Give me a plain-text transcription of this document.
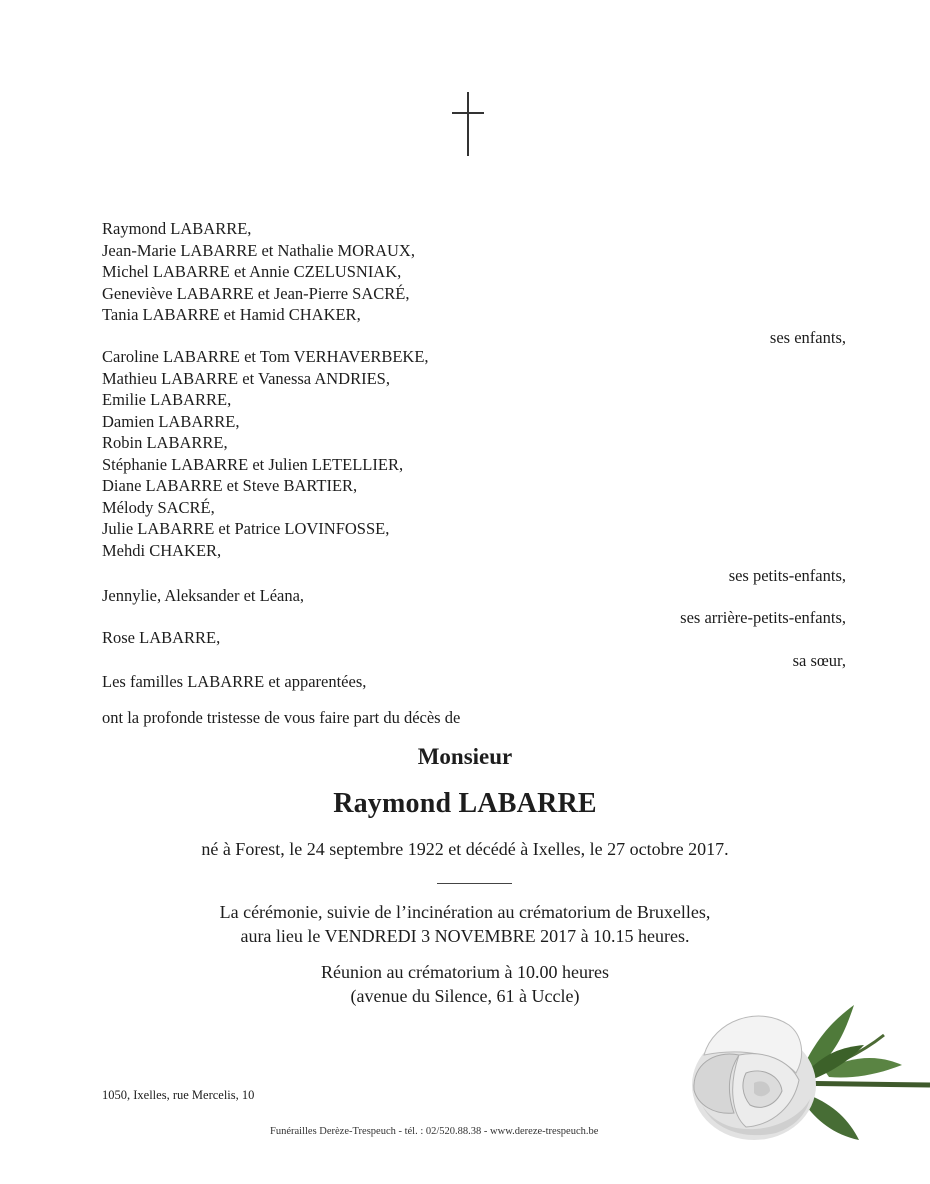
Raymond LABARRE,
Jean-Marie LABARRE et Nathalie MORAUX,
Michel LABARRE et Annie CZELUSNIAK,
Geneviève LABARRE et Jean-Pierre SACRÉ,
Tania LABARRE et Hamid CHAKER,
ses enfants,
Caroline LABARRE et Tom VERHAVERBEKE,
Mathieu LABARRE et Vanessa ANDRIES,
Emilie LABARRE,
Damien LABARRE,
Robin LABARRE,
Stéphanie LABARRE et Julien LETELLIER,
Diane LABARRE et Steve BARTIER,
Mélody SACRÉ,
Julie LABARRE et Patrice LOVINFOSSE,
Mehdi CHAKER,
ses petits-enfants,
Jennylie, Aleksander et Léana,
ses arrière-petits-enfants,
Rose LABARRE,
sa sœur,
Les familles LABARRE et apparentées,
ont la profonde tristesse de vous faire part du décès de
Monsieur
Raymond LABARRE
né à Forest, le 24 septembre 1922 et décédé à Ixelles, le 27 octobre 2017.
La cérémonie, suivie de l’incinération au crématorium de Bruxelles,
aura lieu le VENDREDI 3 NOVEMBRE 2017 à 10.15 heures.
Réunion au crématorium à 10.00 heures
(avenue du Silence, 61 à Uccle)
1050, Ixelles, rue Mercelis, 10
Funérailles Derèze-Trespeuch - tél. : 02/520.88.38 - www.dereze-trespeuch.be
